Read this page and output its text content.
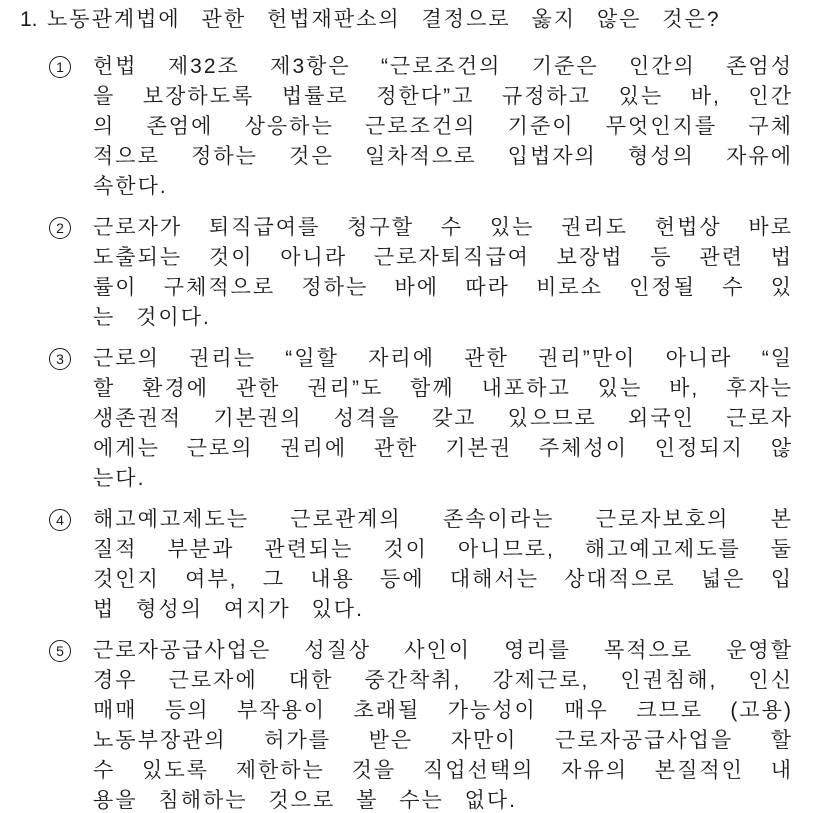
1. 노동관계법에 관한 헌법재판소의 결정으로 옳지 않은 것은?
1	헌법 제32조 제3항은 “근로조건의 기준은 인간의 존엄성
을 보장하도록 법률로 정한다”고 규정하고 있는 바, 인간
의 존엄에 상응하는 근로조건의 기준이 무엇인지를 구체
적으로 정하는 것은 일차적으로 입법자의 형성의 자유에
속한다.
2	근로자가 퇴직급여를 청구할 수 있는 권리도 헌법상 바로
도출되는 것이 아니라 근로자퇴직급여 보장법 등 관련 법
률이 구체적으로 정하는 바에 따라 비로소 인정될 수 있
는 것이다.
3	근로의 권리는 “일할 자리에 관한 권리”만이 아니라 “일
할 환경에 관한 권리”도 함께 내포하고 있는 바, 후자는
생존권적 기본권의 성격을 갖고 있으므로 외국인 근로자
에게는 근로의 권리에 관한 기본권 주체성이 인정되지 않
는다.
4	해고예고제도는 근로관계의 존속이라는 근로자보호의 본
질적 부분과 관련되는 것이 아니므로, 해고예고제도를 둘
것인지 여부, 그 내용 등에 대해서는 상대적으로 넓은 입
법 형성의 여지가 있다.
5	근로자공급사업은 성질상 사인이 영리를 목적으로 운영할
경우 근로자에 대한 중간착취, 강제근로, 인권침해, 인신
매매 등의 부작용이 초래될 가능성이 매우 크므로 (고용)
노동부장관의 허가를 받은 자만이 근로자공급사업을 할
수 있도록 제한하는 것을 직업선택의 자유의 본질적인 내
용을 침해하는 것으로 볼 수는 없다.
